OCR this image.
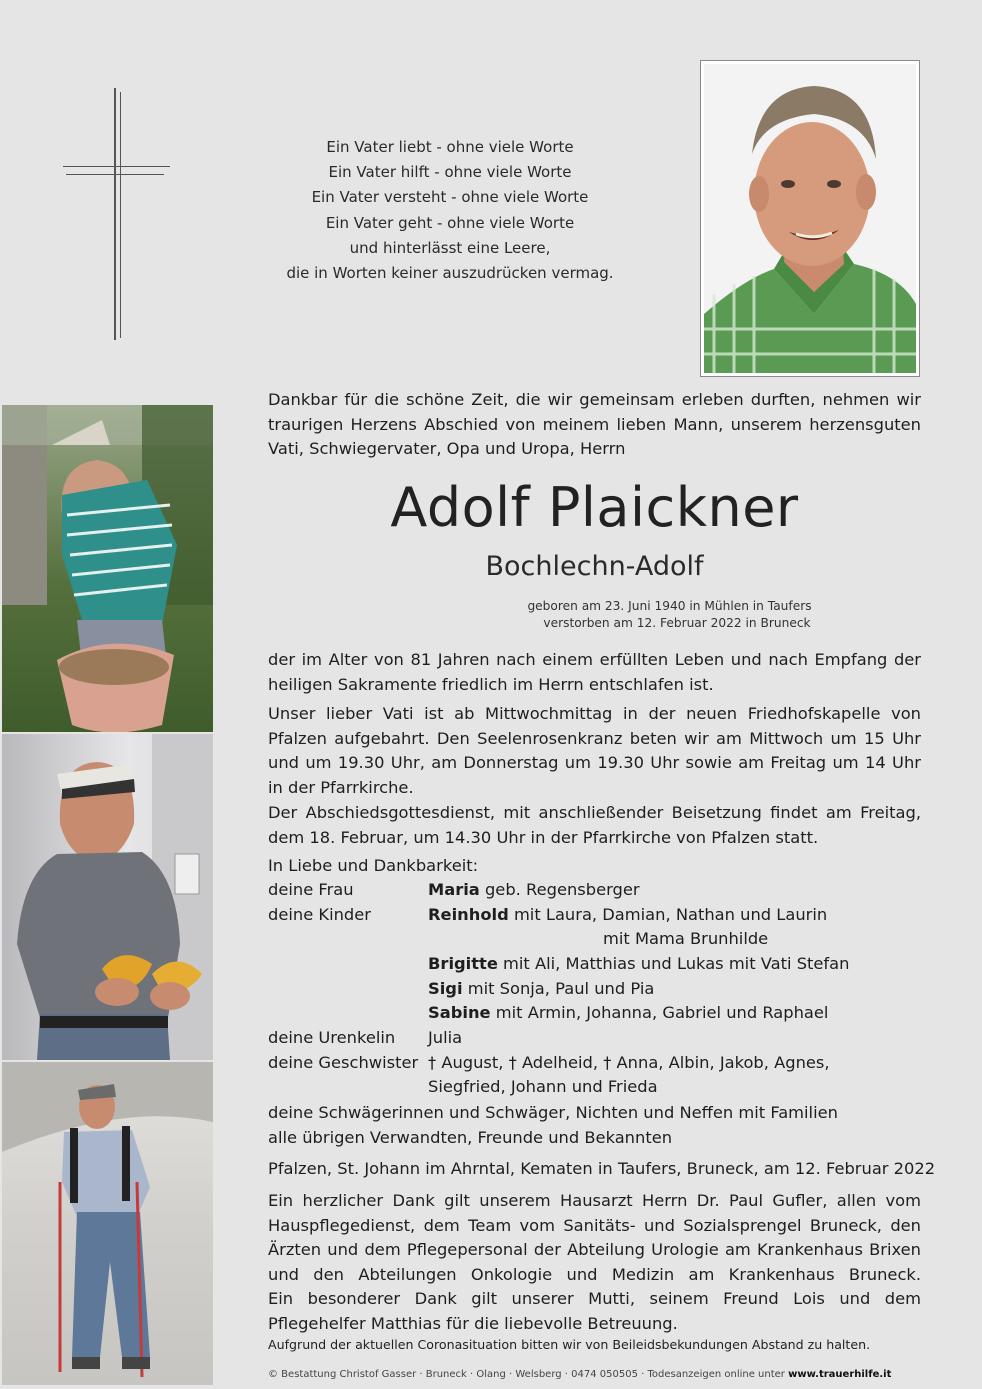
Ein Vater liebt - ohne viele Worte
Ein Vater hilft - ohne viele Worte
Ein Vater versteht - ohne viele Worte
Ein Vater geht - ohne viele Worte
und hinterlässt eine Leere,
die in Worten keiner auszudrücken vermag.
Dankbar für die schöne Zeit, die wir gemeinsam erleben durften, nehmen wir
traurigen Herzens Abschied von meinem lieben Mann, unserem herzensguten
Vati, Schwiegervater, Opa und Uropa, Herrn
Adolf Plaickner
Bochlechn-Adolf
geboren am 23. Juni 1940 in Mühlen in Taufers
verstorben am 12. Februar 2022 in Bruneck
der im Alter von 81 Jahren nach einem erfüllten Leben und nach Empfang der
heiligen Sakramente friedlich im Herrn entschlafen ist.
Unser lieber Vati ist ab Mittwochmittag in der neuen Friedhofskapelle von
Pfalzen aufgebahrt. Den Seelenrosenkranz beten wir am Mittwoch um 15 Uhr
und um 19.30 Uhr, am Donnerstag um 19.30 Uhr sowie am Freitag um 14 Uhr
in der Pfarrkirche.
Der Abschiedsgottesdienst, mit anschließender Beisetzung findet am Freitag,
dem 18. Februar, um 14.30 Uhr in der Pfarrkirche von Pfalzen statt.
In Liebe und Dankbarkeit:
deine Frau	Maria geb. Regensberger
deine Kinder	Reinhold mit Laura, Damian, Nathan und Laurin
mit Mama Brunhilde
Brigitte mit Ali, Matthias und Lukas mit Vati Stefan
Sigi mit Sonja, Paul und Pia
Sabine mit Armin, Johanna, Gabriel und Raphael
deine Urenkelin Julia
deine Geschwister † August, † Adelheid, † Anna, Albin, Jakob, Agnes,
Siegfried, Johann und Frieda
deine Schwägerinnen und Schwäger, Nichten und Neffen mit Familien
alle übrigen Verwandten, Freunde und Bekannten
Pfalzen, St. Johann im Ahrntal, Kematen in Taufers, Bruneck, am 12. Februar 2022
Ein herzlicher Dank gilt unserem Hausarzt Herrn Dr. Paul Gufler, allen vom
Hauspflegedienst, dem Team vom Sanitäts- und Sozialsprengel Bruneck, den
Ärzten und dem Pflegepersonal der Abteilung Urologie am Krankenhaus Brixen
und den Abteilungen Onkologie und Medizin am Krankenhaus Bruneck.
Ein besonderer Dank gilt unserer Mutti, seinem Freund Lois und dem
Pflegehelfer Matthias für die liebevolle Betreuung.
Aufgrund der aktuellen Coronasituation bitten wir von Beileidsbekundungen Abstand zu halten.
© Bestattung Christof Gasser · Bruneck · Olang · Welsberg · 0474 050505 · Todesanzeigen online unter www.trauerhilfe.it
